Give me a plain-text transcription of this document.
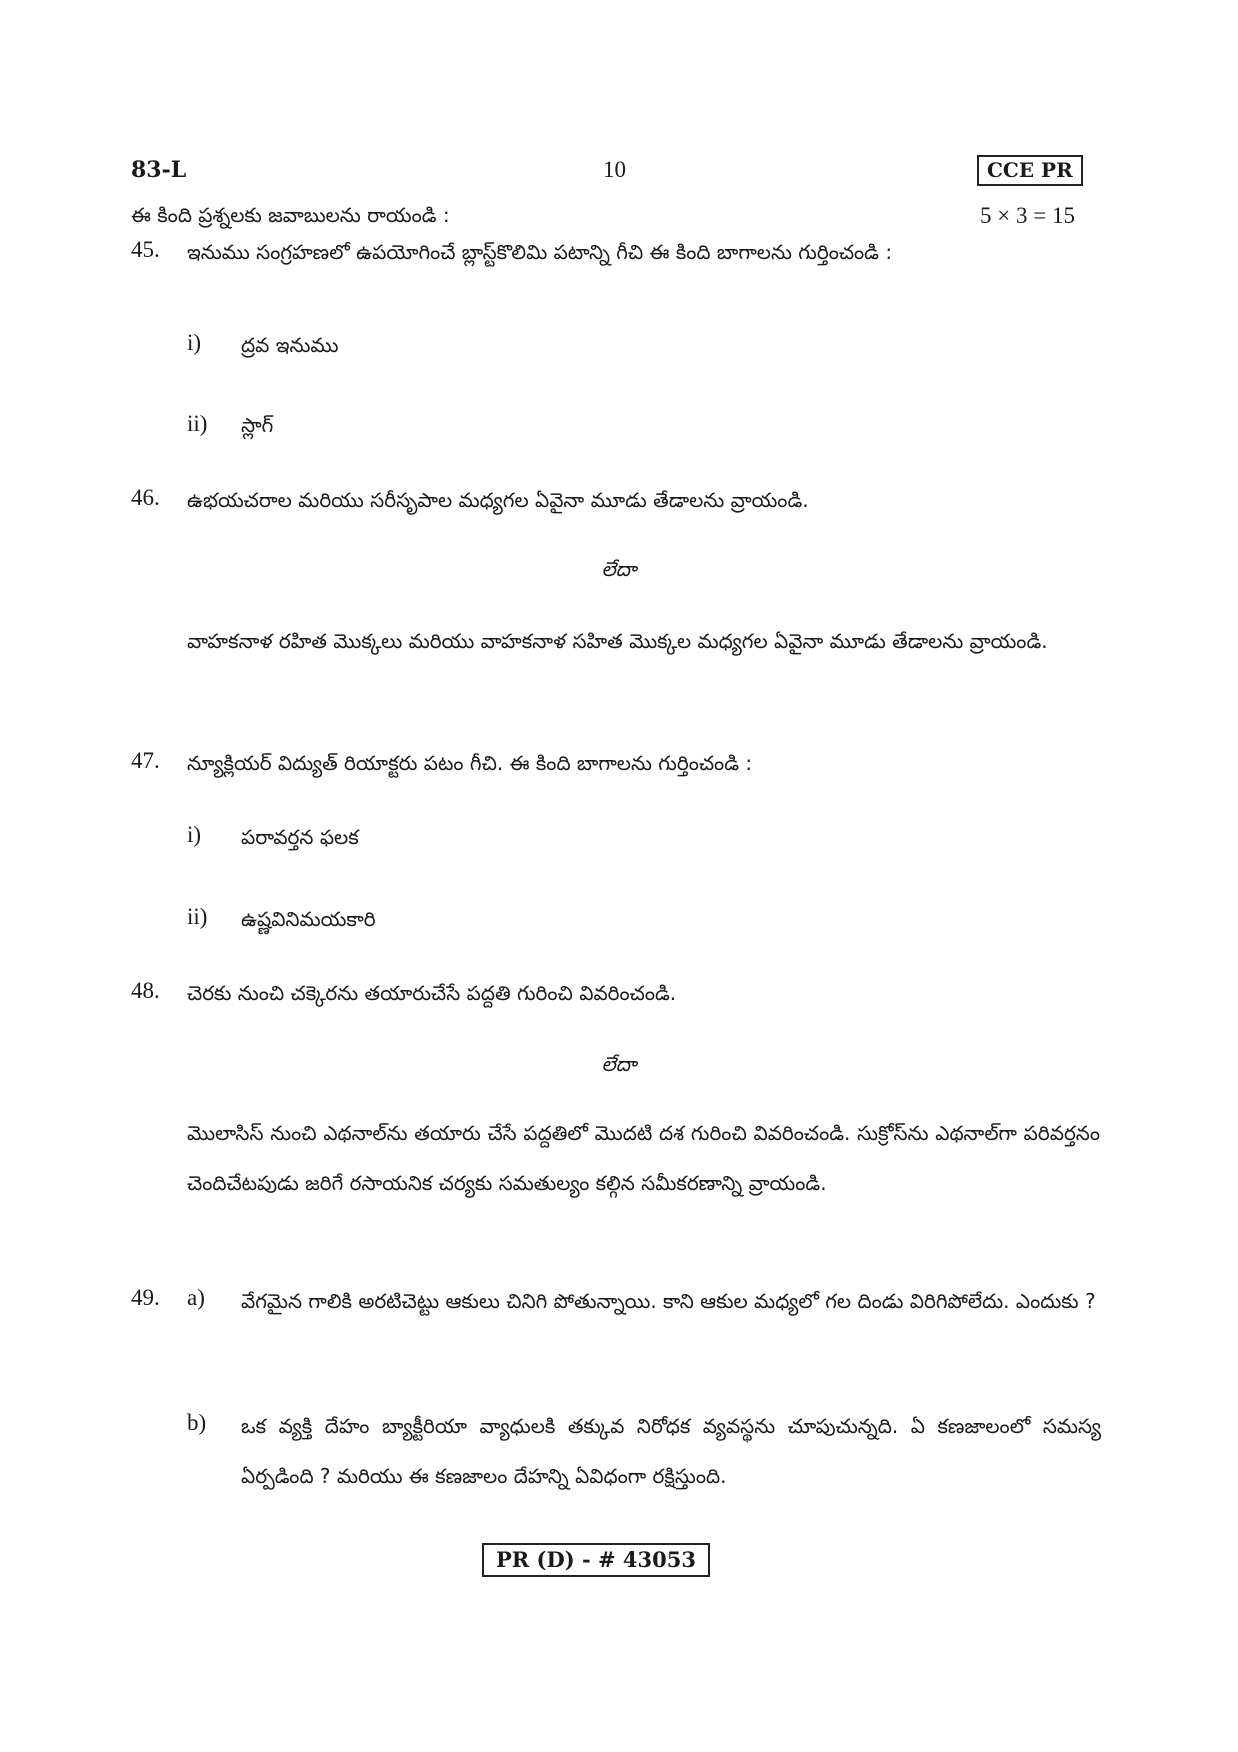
83-L	10	CCE PR
ఈ కింది ప్రశ్నలకు జవాబులను రాయండి :	5 × 3 = 15
45. ఇనుము సంగ్రహణలో ఉపయోగించే బ్లాస్ట్‌కొలిమి పటాన్ని గీచి ఈ కింది బాగాలను గుర్తించండి :
i) ద్రవ ఇనుము
ii) స్లాగ్
46. ఉభయచరాల మరియు సరీసృపాల మధ్యగల ఏవైనా మూడు తేడాలను వ్రాయండి.
లేదా
వాహకనాళ రహిత మొక్కలు మరియు వాహకనాళ సహిత మొక్కల మధ్యగల ఏవైనా మూడు తేడాలను వ్రాయండి.
47. న్యూక్లియర్ విద్యుత్ రియాక్టరు పటం గీచి. ఈ కింది బాగాలను గుర్తించండి :
i) పరావర్తన ఫలక
ii) ఉష్ణవినిమయకారి
48. చెరకు నుంచి చక్కెరను తయారుచేసే పద్దతి గురించి వివరించండి.
లేదా
మొలాసిస్ నుంచి ఎథనాల్‌ను తయారు చేసే పద్దతిలో మొదటి దశ గురించి వివరించండి. సుక్రోస్‌ను ఎథనాల్‌గా పరివర్తనం చెందిచేటపుడు జరిగే రసాయనిక చర్యకు సమతుల్యం కల్గిన సమీకరణాన్ని వ్రాయండి.
49. a) వేగమైన గాలికి అరటిచెట్టు ఆకులు చినిగి పోతున్నాయి. కాని ఆకుల మధ్యలో గల దిండు విరిగిపోలేదు. ఎందుకు ?
b) ఒక వ్యక్తి దేహం బ్యాక్టీరియా వ్యాధులకి తక్కువ నిరోధక వ్యవస్థను చూపుచున్నది. ఏ కణజాలంలో సమస్య ఏర్పడింది ? మరియు ఈ కణజాలం దేహన్ని ఏవిధంగా రక్షిస్తుంది.
PR (D) - # 43053
